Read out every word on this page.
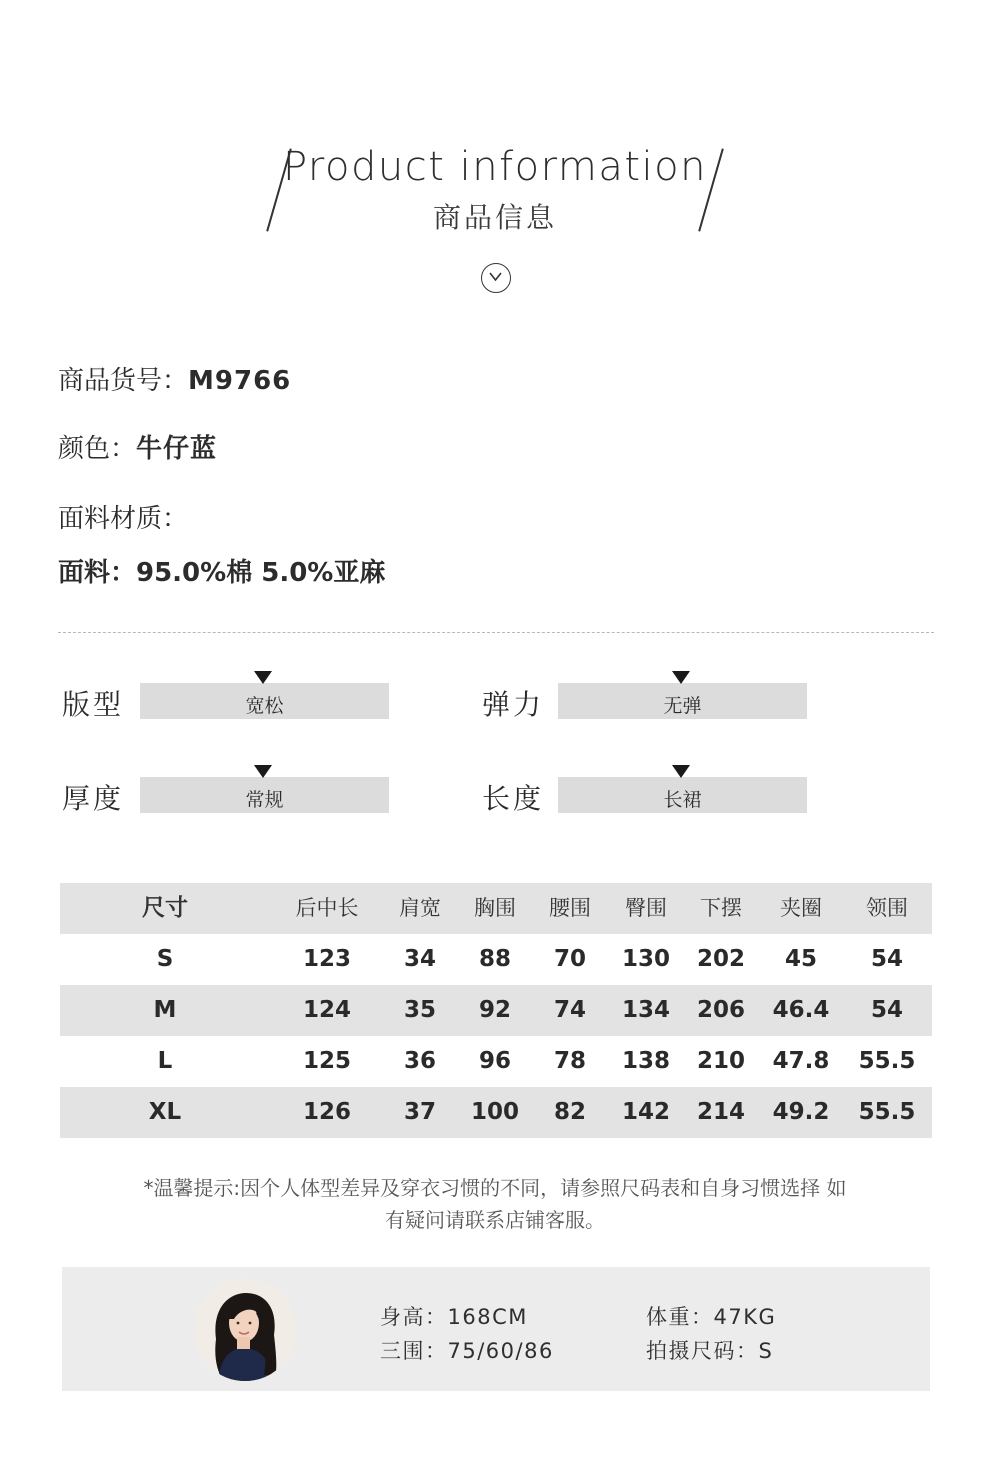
Product information
商品信息
商品货号：M9766
颜色：牛仔蓝
面料材质：
面料：95.0%棉 5.0%亚麻
版型	宽松	弹力	无弹
厚度	常规	长度	长裙
尺寸	后中长	肩宽	胸围	腰围	臀围	下摆	夹圈	领围
S	123	34	88	70	130	202	45	54
M	124	35	92	74	134	206	46.4	54
L	125	36	96	78	138	210	47.8	55.5
XL	126	37	100	82	142	214	49.2	55.5
*温馨提示:因个人体型差异及穿衣习惯的不同，请参照尺码表和自身习惯选择 如
有疑问请联系店铺客服。
身高：168CM	体重：47KG
三围：75/60/86	拍摄尺码：S
